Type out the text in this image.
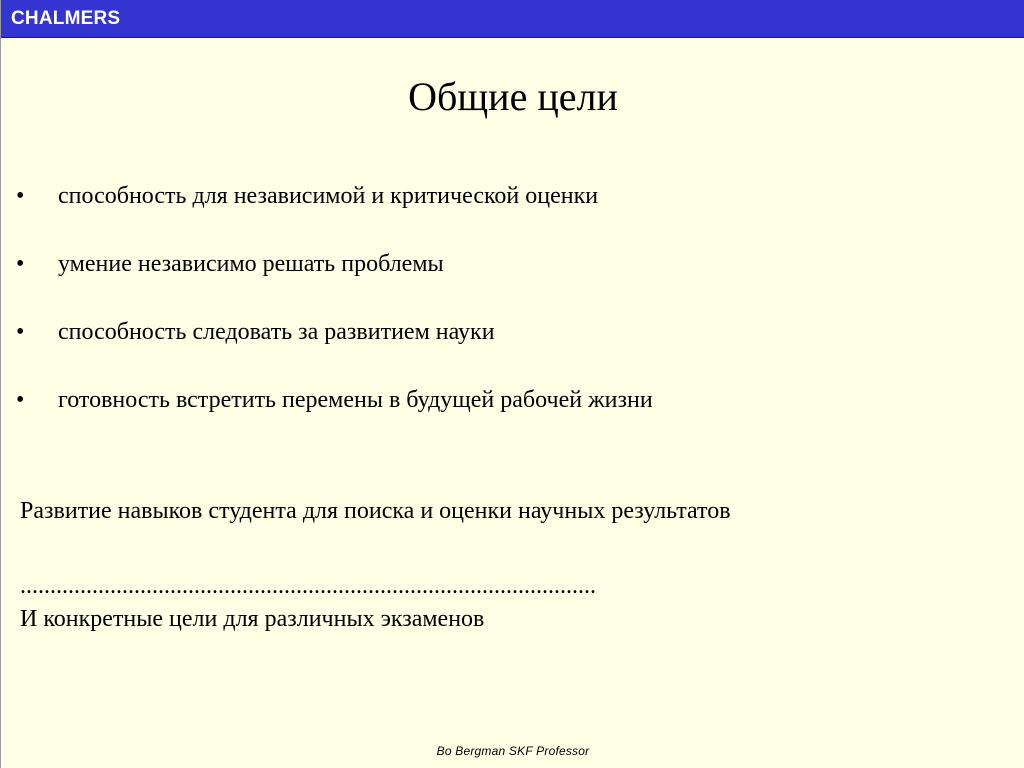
CHALMERS
Общие цели
• способность для независимой и критической оценки
• умение независимо решать проблемы
• способность следовать за развитием науки
• готовность встретить перемены в будущей рабочей жизни
Развитие навыков студента для поиска и оценки научных результатов
................................................................................................
И конкретные цели для различных экзаменов
Bo Bergman SKF Professor
